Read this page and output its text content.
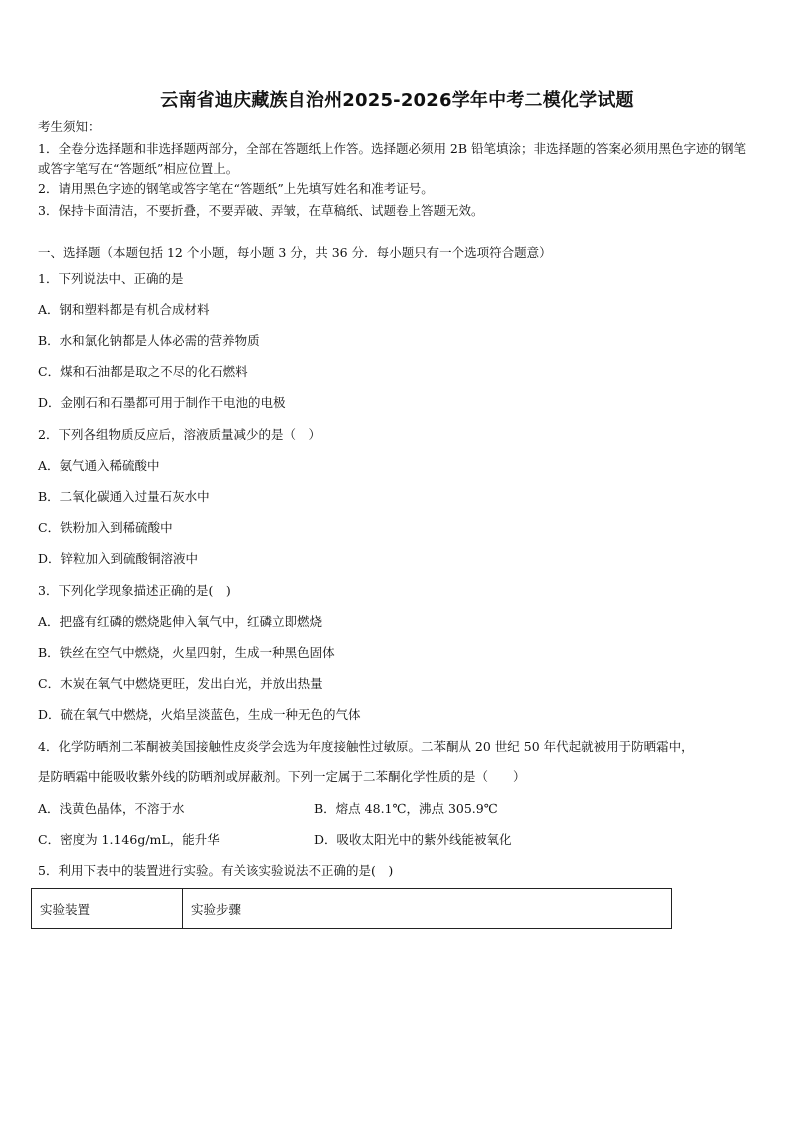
云南省迪庆藏族自治州2025-2026学年中考二模化学试题
考生须知：
1．全卷分选择题和非选择题两部分，全部在答题纸上作答。选择题必须用 2B 铅笔填涂；非选择题的答案必须用黑色字迹的钢笔或答字笔写在“答题纸”相应位置上。
2．请用黑色字迹的钢笔或答字笔在“答题纸”上先填写姓名和准考证号。
3．保持卡面清洁，不要折叠，不要弄破、弄皱，在草稿纸、试题卷上答题无效。
一、选择题（本题包括 12 个小题，每小题 3 分，共 36 分．每小题只有一个选项符合题意）
1．下列说法中、正确的是
A．钢和塑料都是有机合成材料
B．水和氯化钠都是人体必需的营养物质
C．煤和石油都是取之不尽的化石燃料
D．金刚石和石墨都可用于制作干电池的电极
2．下列各组物质反应后，溶液质量减少的是（　）
A．氨气通入稀硫酸中
B．二氧化碳通入过量石灰水中
C．铁粉加入到稀硫酸中
D．锌粒加入到硫酸铜溶液中
3．下列化学现象描述正确的是(　)
A．把盛有红磷的燃烧匙伸入氧气中，红磷立即燃烧
B．铁丝在空气中燃烧，火星四射，生成一种黑色固体
C．木炭在氧气中燃烧更旺，发出白光，并放出热量
D．硫在氧气中燃烧，火焰呈淡蓝色，生成一种无色的气体
4．化学防晒剂二苯酮被美国接触性皮炎学会选为年度接触性过敏原。二苯酮从 20 世纪 50 年代起就被用于防晒霜中，
是防晒霜中能吸收紫外线的防晒剂或屏蔽剂。下列一定属于二苯酮化学性质的是（　　）
A．浅黄色晶体，不溶于水	B．熔点 48.1℃，沸点 305.9℃
C．密度为 1.146g/mL，能升华	D．吸收太阳光中的紫外线能被氧化
5．利用下表中的装置进行实验。有关该实验说法不正确的是(　)
实验装置	实验步骤
